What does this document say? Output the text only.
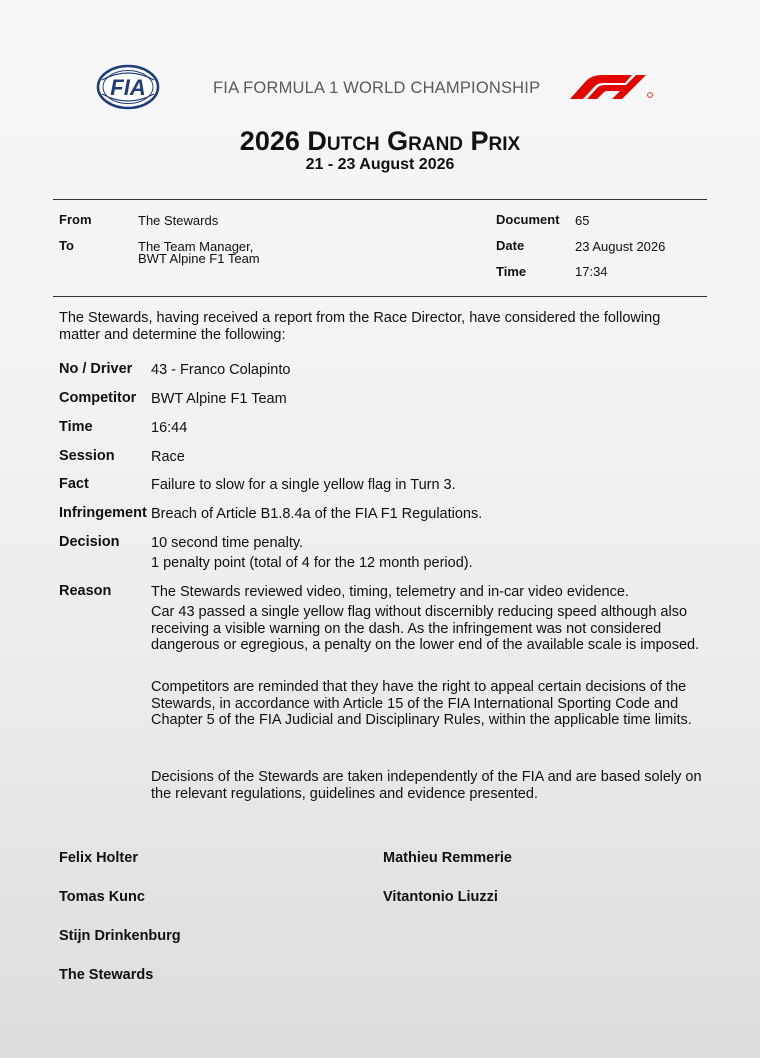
FIA	FIA FORMULA 1 WORLD CHAMPIONSHIP
2026 Dutch Grand Prix
21 - 23 August 2026
From	The Stewards
To	The Team Manager,
BWT Alpine F1 Team
Document 65
Date	23 August 2026
Time	17:34
The Stewards, having received a report from the Race Director, have considered the following matter and determine the following:
No / Driver 43 - Franco Colapinto
Competitor BWT Alpine F1 Team
Time	16:44
Session	Race
Fact	Failure to slow for a single yellow flag in Turn 3.
Infringement Breach of Article B1.8.4a of the FIA F1 Regulations.
Decision 10 second time penalty.
1 penalty point (total of 4 for the 12 month period).
Reason	The Stewards reviewed video, timing, telemetry and in-car video evidence.
Car 43 passed a single yellow flag without discernibly reducing speed although also receiving a visible warning on the dash. As the infringement was not considered dangerous or egregious, a penalty on the lower end of the available scale is imposed.
Competitors are reminded that they have the right to appeal certain decisions of the Stewards, in accordance with Article 15 of the FIA International Sporting Code and Chapter 5 of the FIA Judicial and Disciplinary Rules, within the applicable time limits.
Decisions of the Stewards are taken independently of the FIA and are based solely on the relevant regulations, guidelines and evidence presented.
Felix Holter
Tomas Kunc
Stijn Drinkenburg
The Stewards
Mathieu Remmerie
Vitantonio Liuzzi
